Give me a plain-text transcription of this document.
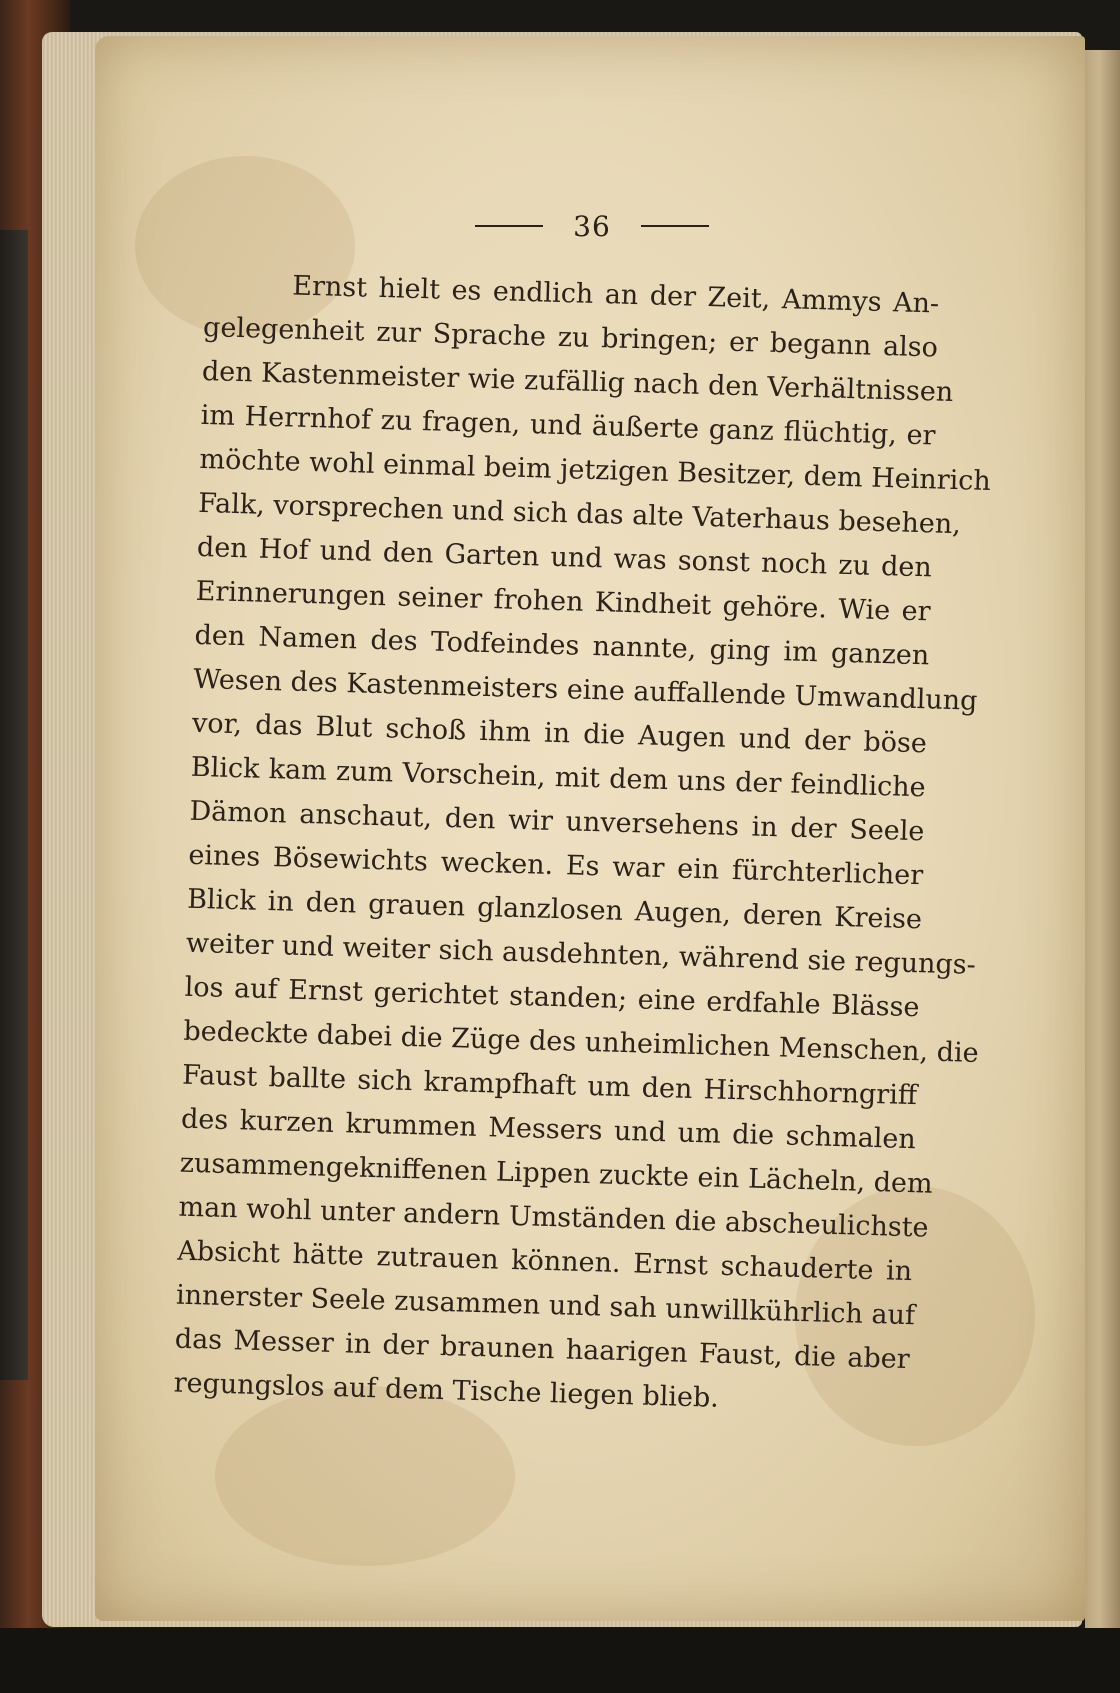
36
Ernst hielt es endlich an der Zeit, Ammys An-
gelegenheit zur Sprache zu bringen; er begann also
den Kastenmeister wie zufällig nach den Verhältnissen
im Herrnhof zu fragen, und äußerte ganz flüchtig, er
möchte wohl einmal beim jetzigen Besitzer, dem Heinrich
Falk, vorsprechen und sich das alte Vaterhaus besehen,
den Hof und den Garten und was sonst noch zu den
Erinnerungen seiner frohen Kindheit gehöre. Wie er
den Namen des Todfeindes nannte, ging im ganzen
Wesen des Kastenmeisters eine auffallende Umwandlung
vor, das Blut schoß ihm in die Augen und der böse
Blick kam zum Vorschein, mit dem uns der feindliche
Dämon anschaut, den wir unversehens in der Seele
eines Bösewichts wecken. Es war ein fürchterlicher
Blick in den grauen glanzlosen Augen, deren Kreise
weiter und weiter sich ausdehnten, während sie regungs-
los auf Ernst gerichtet standen; eine erdfahle Blässe
bedeckte dabei die Züge des unheimlichen Menschen, die
Faust ballte sich krampfhaft um den Hirschhorngriff
des kurzen krummen Messers und um die schmalen
zusammengekniffenen Lippen zuckte ein Lächeln, dem
man wohl unter andern Umständen die abscheulichste
Absicht hätte zutrauen können. Ernst schauderte in
innerster Seele zusammen und sah unwillkührlich auf
das Messer in der braunen haarigen Faust, die aber
regungslos auf dem Tische liegen blieb.
